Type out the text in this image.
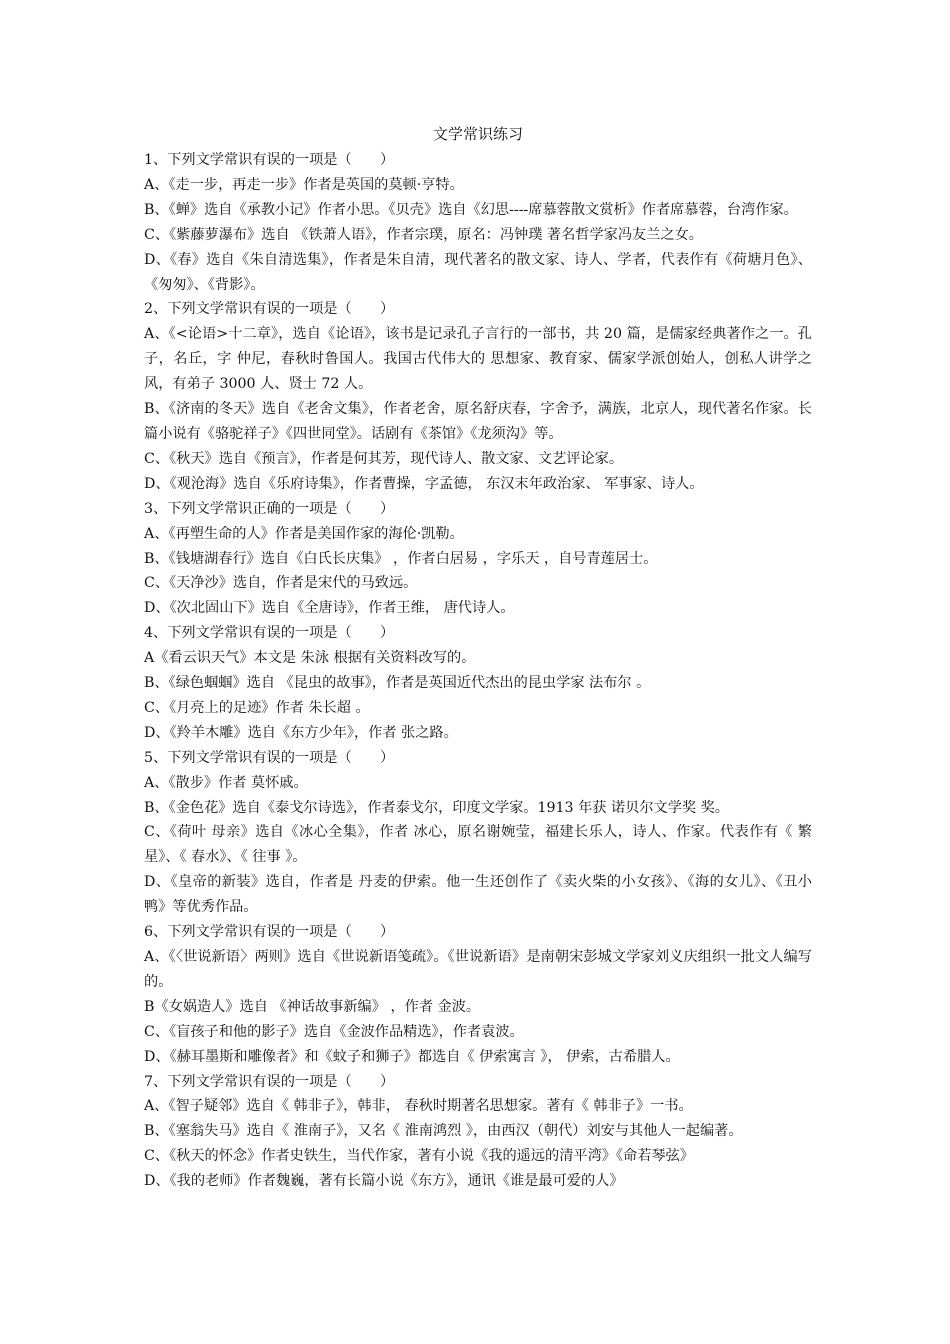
文学常识练习

1、下列文学常识有误的一项是（　　）

A、《走一步，再走一步》作者是英国的莫顿·亨特。

B、《蝉》选自《承教小记》作者小思。《贝壳》选自《幻思----席慕蓉散文赏析》作者席慕蓉，台湾作家。

C、《紫藤萝瀑布》选自 《铁萧人语》，作者宗璞，原名：冯钟璞 著名哲学家冯友兰之女。

D、《春》选自《朱自清选集》，作者是朱自清，现代著名的散文家、诗人、学者，代表作有《荷塘月色》、《匆匆》、《背影》。

2、下列文学常识有误的一项是（　　）

A、《<论语>十二章》，选自《论语》，该书是记录孔子言行的一部书，共 20 篇，是儒家经典著作之一。孔子，名丘，字 仲尼，春秋时鲁国人。我国古代伟大的 思想家、教育家、儒家学派创始人，创私人讲学之风，有弟子 3000 人、贤士 72 人。

B、《济南的冬天》选自《老舍文集》，作者老舍，原名舒庆春，字舍予，满族，北京人，现代著名作家。长篇小说有《骆驼祥子》《四世同堂》。话剧有《茶馆》《龙须沟》等。

C、《秋天》选自《预言》，作者是何其芳，现代诗人、散文家、文艺评论家。

D、《观沧海》选自《乐府诗集》，作者曹操，字孟德， 东汉末年政治家、 军事家、诗人。

3、下列文学常识正确的一项是（　　）

A、《再塑生命的人》作者是美国作家的海伦·凯勒。

B、《钱塘湖春行》选自《白氏长庆集》 ，作者白居易 ，字乐天 ，自号青莲居士。

C、《天净沙》选自，作者是宋代的马致远。

D、《次北固山下》选自《全唐诗》，作者王维， 唐代诗人。

4、下列文学常识有误的一项是（　　）

A《看云识天气》本文是 朱泳 根据有关资料改写的。

B、《绿色蝈蝈》选自 《昆虫的故事》，作者是英国近代杰出的昆虫学家 法布尔 。

C、《月亮上的足迹》作者 朱长超 。

D、《羚羊木雕》选自《东方少年》，作者 张之路。

5、下列文学常识有误的一项是（　　）

A、《散步》作者 莫怀戚。

B、《金色花》选自《泰戈尔诗选》，作者泰戈尔，印度文学家。1913 年获 诺贝尔文学奖 奖。

C、《荷叶 母亲》选自《冰心全集》，作者 冰心，原名谢婉莹，福建长乐人，诗人、作家。代表作有《 繁星》、《 春水》、《 往事 》。

D、《皇帝的新装》选自，作者是 丹麦的伊索。他一生还创作了《卖火柴的小女孩》、《海的女儿》、《丑小鸭》等优秀作品。

6、下列文学常识有误的一项是（　　）

A、《〈世说新语〉两则》选自《世说新语笺疏》。《世说新语》是南朝宋彭城文学家刘义庆组织一批文人编写的。

B《女娲造人》选自 《神话故事新编》 ，作者 金波。

C、《盲孩子和他的影子》选自《金波作品精选》，作者袁波。

D、《赫耳墨斯和雕像者》和《蚊子和狮子》都选自《 伊索寓言 》， 伊索，古希腊人。

7、下列文学常识有误的一项是（　　）

A、《智子疑邻》选自《 韩非子》，韩非， 春秋时期著名思想家。著有《 韩非子》一书。

B、《塞翁失马》选自《 淮南子》，又名《 淮南鸿烈 》，由西汉（朝代）刘安与其他人一起编著。

C、《秋天的怀念》作者史铁生，当代作家，著有小说《我的遥远的清平湾》《命若琴弦》

D、《我的老师》作者魏巍，著有长篇小说《东方》，通讯《谁是最可爱的人》
